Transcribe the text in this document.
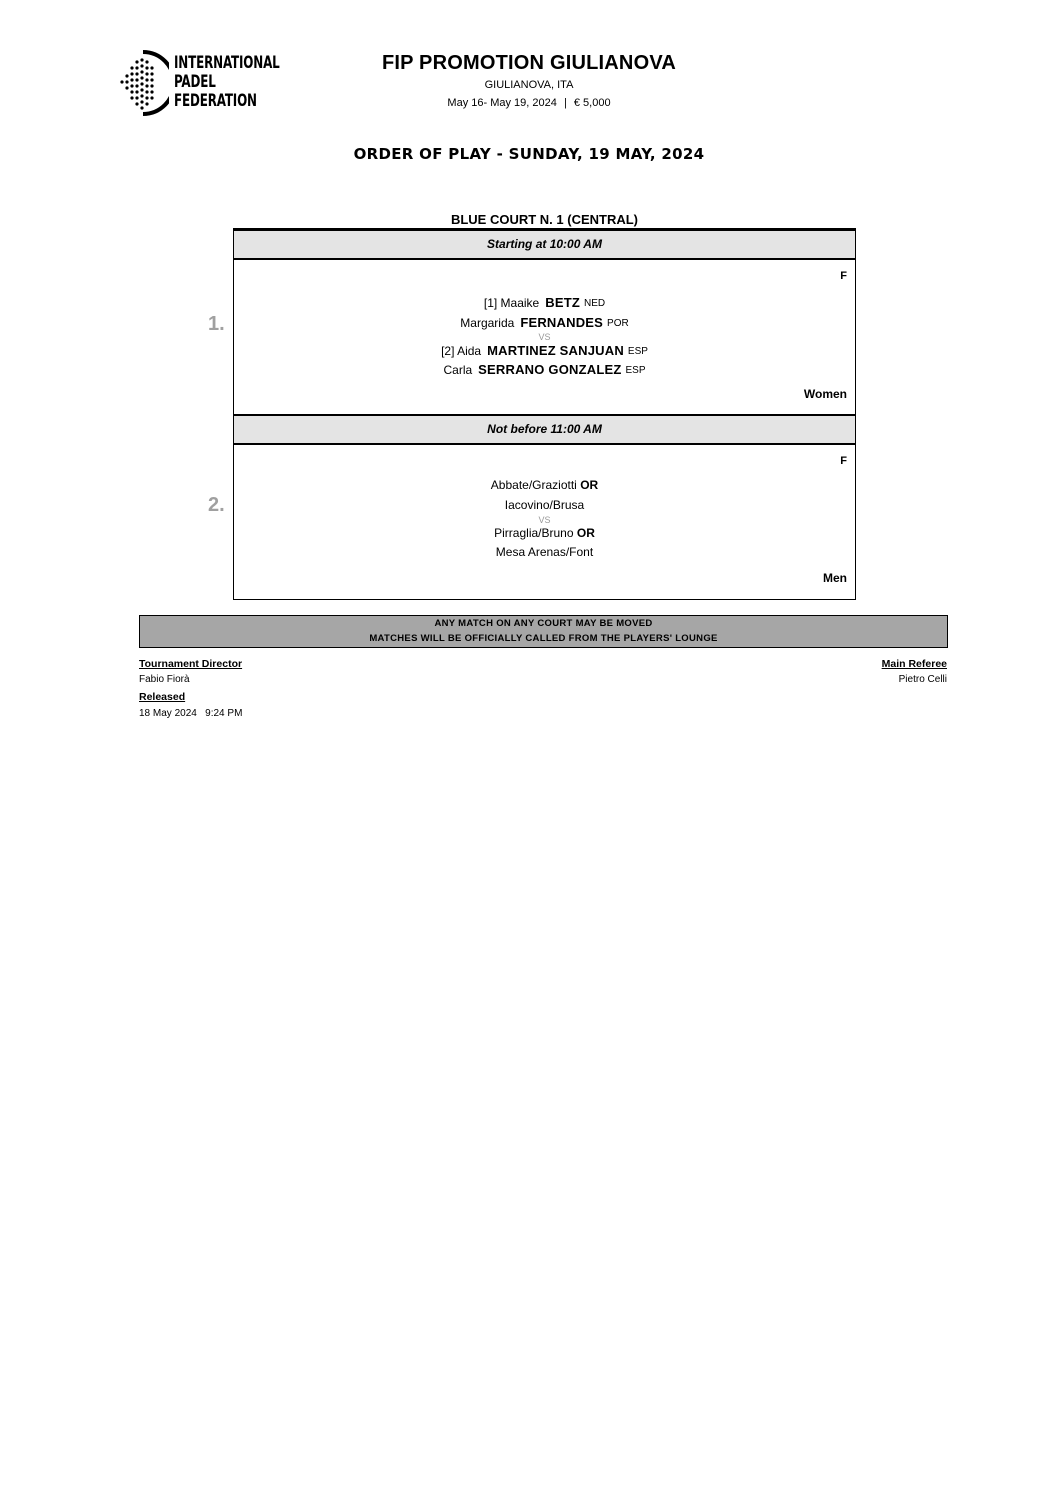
INTERNATIONAL
PADEL
FEDERATION
FIP PROMOTION GIULIANOVA
GIULIANOVA, ITA
May 16- May 19, 2024 | € 5,000
ORDER OF PLAY - SUNDAY, 19 MAY, 2024
BLUE COURT N. 1 (CENTRAL)
1.
2.
Starting at 10:00 AM
F
[1] Maaike BETZ NED
Margarida FERNANDES POR
VS
[2] Aida MARTINEZ SANJUAN ESP
Carla SERRANO GONZALEZ ESP
Women
Not before 11:00 AM
F
Abbate/Graziotti OR
Iacovino/Brusa
VS
Pirraglia/Bruno OR
Mesa Arenas/Font
Men
ANY MATCH ON ANY COURT MAY BE MOVED
MATCHES WILL BE OFFICIALLY CALLED FROM THE PLAYERS' LOUNGE
Tournament Director
Fabio Fiorà
Released
18 May 2024   9:24 PM
Main Referee
Pietro Celli
